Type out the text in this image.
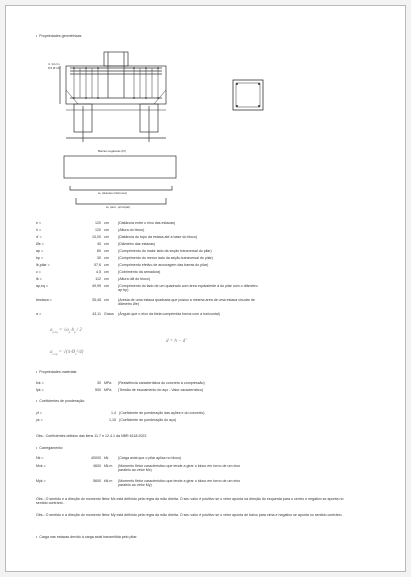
• Propriedades geométricas:
4: 14 cm
8,5 Ø 16
Barras negativas (Fr)
Aₛ (tirantes inferiores)
Aₛ (arm. principal)
e =	120 cm	(Distância entre o eixo das estacas)
h =	120 cm	(Altura do bloco)
d' =	10,00 cm	(Distância do topo da estaca até a base do bloco)
Øe =	40 cm	(Diâmetro das estacas)
ap =	80 cm	(Comprimento do maior lado da seção transversal do pilar)
bp =	30 cm	(Comprimento do menor lado da seção transversal do pilar)
lb,pilar =	57,6 cm	(Comprimento efetivo de ancoragem das barras do pilar)
c =	4,5 cm	(Cobrimento da armadura)
lb =	112 cm	(Altura útil do bloco)
ap,eq =	49,99 cm	(Comprimento do lado de um quadrado com área equivalente à do pilar com o diâmetro ap·bp)
bestaca =	35,45 cm	(Aresta de uma estaca quadrada que possui a mesma área de uma estaca circular de diâmetro Øe)
α =	43,11 Graus (Ângulo que o eixo da biela comprimida forma com a horizontal)
$a_{p,eq} = √a_p\cdot b_p / 2$
$a_{e,eq}$ = $√(\pi\cdot Ø_e^2/4)$
d = h − d′
• Propriedades materiais:
fck =	30 MPa (Resistência característica do concreto à compressão)
fyk =	500 MPa (Tensão de escoamento do aço - Valor característico)
• Coeficientes de ponderação:
γf =	1,4 (Coeficiente de ponderação das ações e do concreto)
γs =	1,15 (Coeficiente de ponderação do aço)
Obs.: Coeficientes obtidos das itens 11.7 e 12.4.1 da NBR 6118:2023
• Carregamento:
Nk =	40000 kN	(Carga axial que o pilar aplica no bloco)
Mxk =	4600 kN.m (Momento fletor característico que tende a girar o bloco em torno de um eixo paralelo ao vetor Mx)
Myk =	5600 kN.m (Momento fletor característico que tende a girar o bloco em torno de um eixo paralelo ao vetor My)
Obs.: O sentido e a direção do momento fletor Mx está definido pela regra da mão direita. O seu valor é positivo se o vetor aponta na direção do esquerda para o centro e negativo se aponta no sentido contrário.
Obs.: O sentido e a direção do momento fletor My está definido pela regra da mão direita. O seu valor é positivo se o vetor aponta de baixo para cima e negativo se aponta no sentido contrário.
• Carga nas estacas devido à carga axial transmitida pelo pilar:
